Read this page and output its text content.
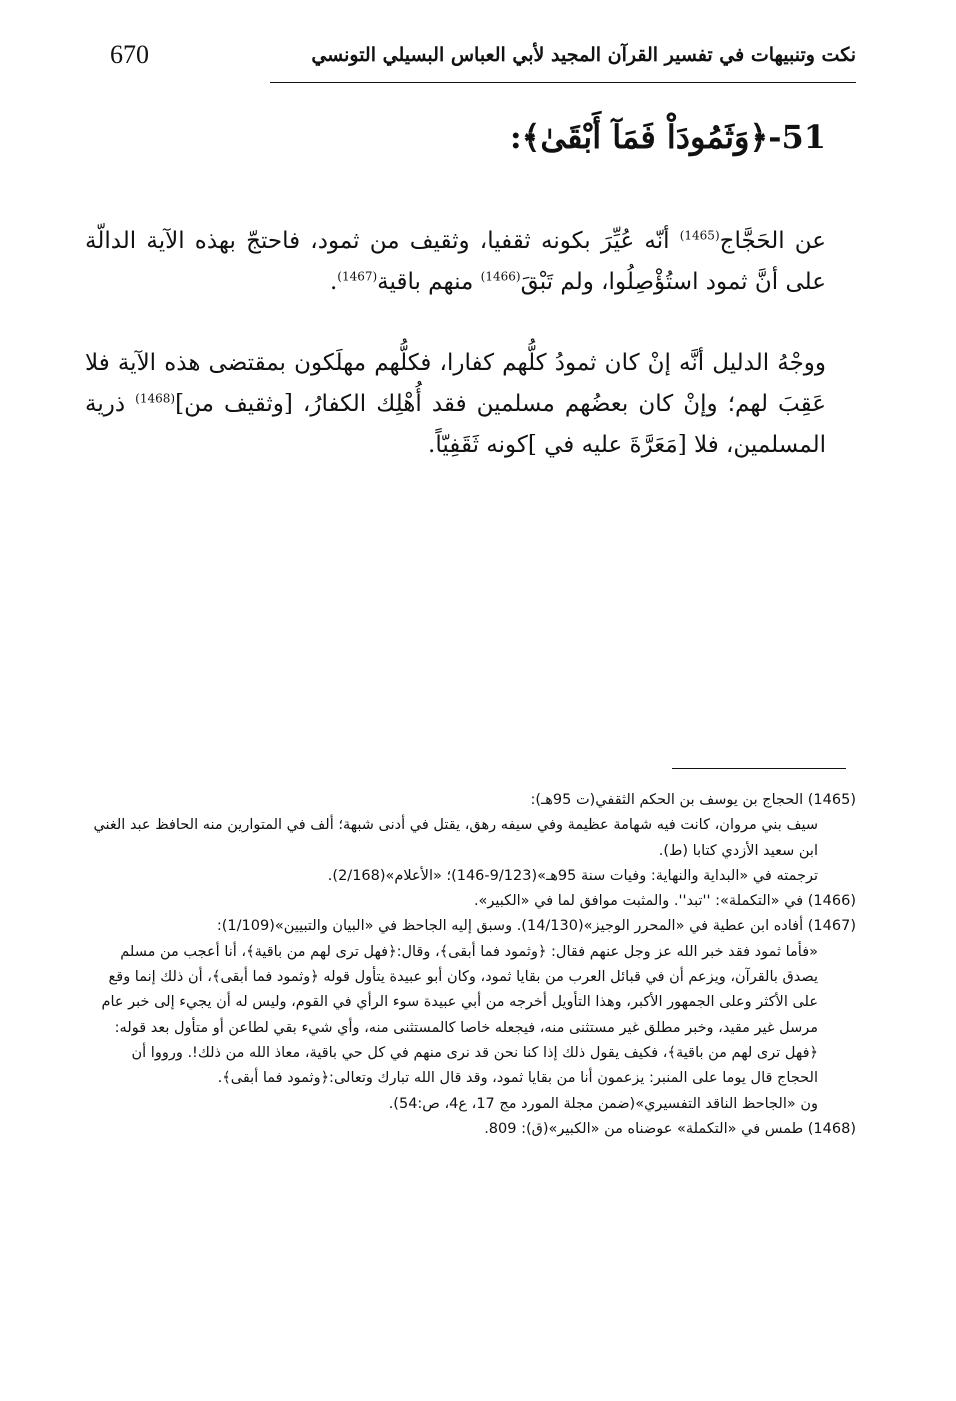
نكت وتنبيهات في تفسير القرآن المجيد لأبي العباس البسيلي التونسي
670
51-﴿وَثَمُودَاْ فَمَآ أَبْقَىٰ﴾:

عن الحَجَّاج$^{(1465)}$ أنّه عُيِّرَ بكونه ثقفيا، وثقيف من ثمود، فاحتجّ بهذه الآية الدالّة على أنَّ ثمود استُؤْصِلُوا، ولم تَبْقَ$^{(1466)}$ منهم باقية$^{(1467)}$.

ووجْهُ الدليل أنَّه إنْ كان ثمودُ كلُّهم كفارا، فكلُّهم مهلَكون بمقتضى هذه الآية فلا عَقِبَ لهم؛ وإنْ كان بعضُهم مسلمين فقد أُهْلِك الكفارُ، [وثقيف من]$^{(1468)}$ ذرية المسلمين، فلا [مَعَرَّةَ عليه في ]كونه ثَقَفِيّاً.

(1465) الحجاج بن يوسف بن الحكم الثقفي(ت 95هـ):

سيف بني مروان، كانت فيه شهامة عظيمة وفي سيفه رهق، يقتل في أدنى شبهة؛ ألف في المتوارين منه الحافظ عبد الغني ابن سعيد الأزدي كتابا (ط).

ترجمته في «البداية والنهاية: وفيات سنة 95هـ»(9/123-146)؛ «الأعلام»(2/168).

(1466) في «التكملة»: ''تبد''. والمثبت موافق لما في «الكبير».

(1467) أفاده ابن عطية في «المحرر الوجيز»(14/130). وسبق إليه الجاحظ في «البيان والتبيين»(1/109):

«فأما ثمود فقد خبر الله عز وجل عنهم فقال: ﴿وثمود فما أبقى﴾، وقال:﴿فهل ترى لهم من باقية﴾، أنا أعجب من مسلم يصدق بالقرآن، ويزعم أن في قبائل العرب من بقايا ثمود، وكان أبو عبيدة يتأول قوله ﴿وثمود فما أبقى﴾، أن ذلك إنما وقع على الأكثر وعلى الجمهور الأكبر، وهذا التأويل أخرجه من أبي عبيدة سوء الرأي في القوم، وليس له أن يجيء إلى خبر عام مرسل غير مقيد، وخبر مطلق غير مستثنى منه، فيجعله خاصا كالمستثنى منه، وأي شيء بقي لطاعن أو متأول بعد قوله: ﴿فهل ترى لهم من باقية﴾، فكيف يقول ذلك إذا كنا نحن قد نرى منهم في كل حي باقية، معاذ الله من ذلك!. ورووا أن الحجاج قال يوما على المنبر: يزعمون أنا من بقايا ثمود، وقد قال الله تبارك وتعالى:﴿وثمود فما أبقى﴾.

ون «الجاحظ الناقد التفسيري»(ضمن مجلة المورد مج 17، ع4، ص:54).

(1468) طمس في «التكملة» عوضناه من «الكبير»(ق): 809.
